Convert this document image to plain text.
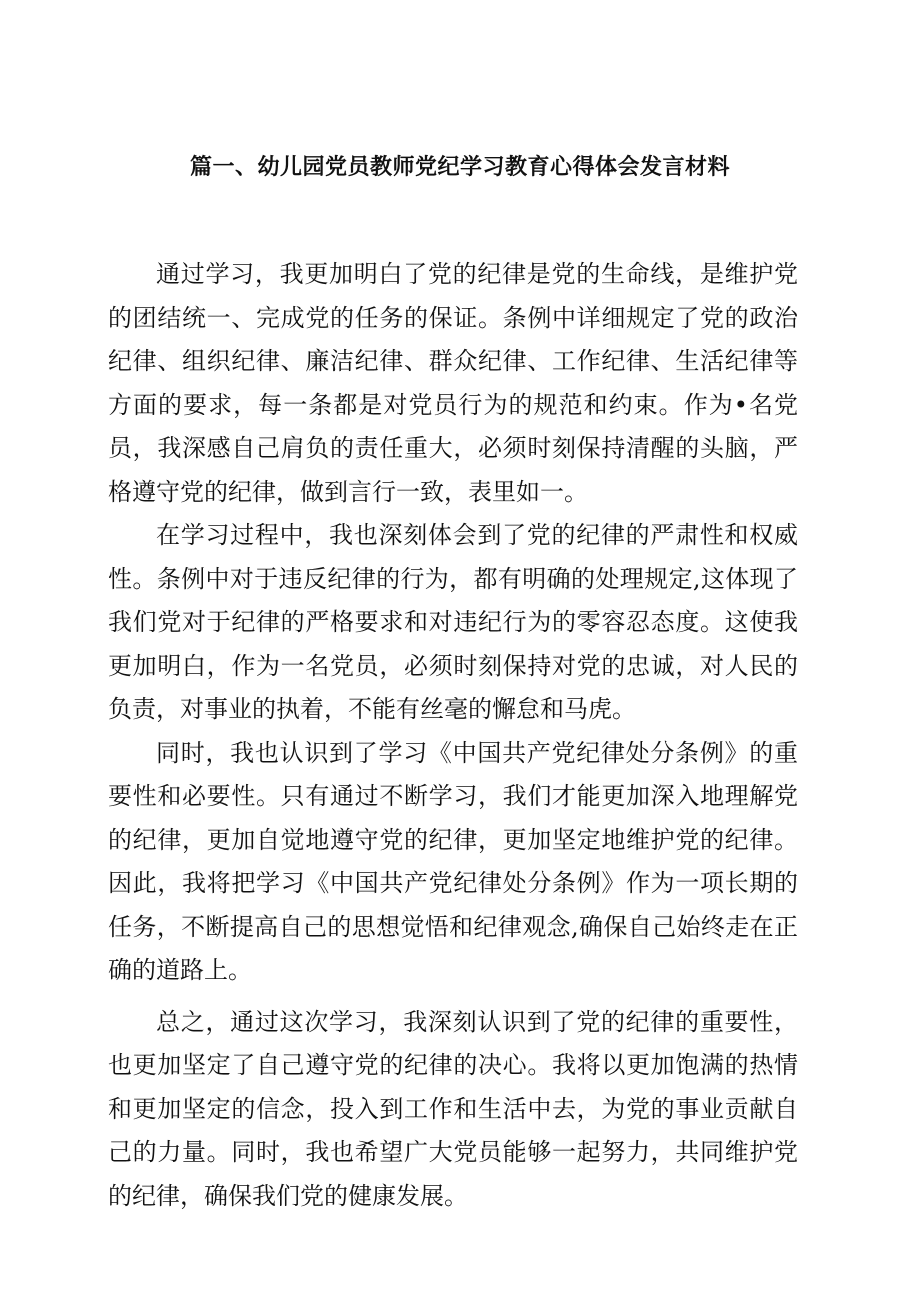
篇一、幼儿园党员教师党纪学习教育心得体会发言材料

通过学习，我更加明白了党的纪律是党的生命线，是维护党的团结统一、完成党的任务的保证。条例中详细规定了党的政治纪律、组织纪律、廉洁纪律、群众纪律、工作纪律、生活纪律等方面的要求，每一条都是对党员行为的规范和约束。作为•名党员，我深感自己肩负的责任重大，必须时刻保持清醒的头脑，严格遵守党的纪律，做到言行一致，表里如一。

在学习过程中，我也深刻体会到了党的纪律的严肃性和权威性。条例中对于违反纪律的行为，都有明确的处理规定,这体现了我们党对于纪律的严格要求和对违纪行为的零容忍态度。这使我更加明白，作为一名党员，必须时刻保持对党的忠诚，对人民的负责，对事业的执着，不能有丝毫的懈怠和马虎。

同时，我也认识到了学习《中国共产党纪律处分条例》的重要性和必要性。只有通过不断学习，我们才能更加深入地理解党的纪律，更加自觉地遵守党的纪律，更加坚定地维护党的纪律。因此，我将把学习《中国共产党纪律处分条例》作为一项长期的任务，不断提高自己的思想觉悟和纪律观念,确保自己始终走在正确的道路上。

总之，通过这次学习，我深刻认识到了党的纪律的重要性，也更加坚定了自己遵守党的纪律的决心。我将以更加饱满的热情和更加坚定的信念，投入到工作和生活中去，为党的事业贡献自己的力量。同时，我也希望广大党员能够一起努力，共同维护党的纪律，确保我们党的健康发展。
